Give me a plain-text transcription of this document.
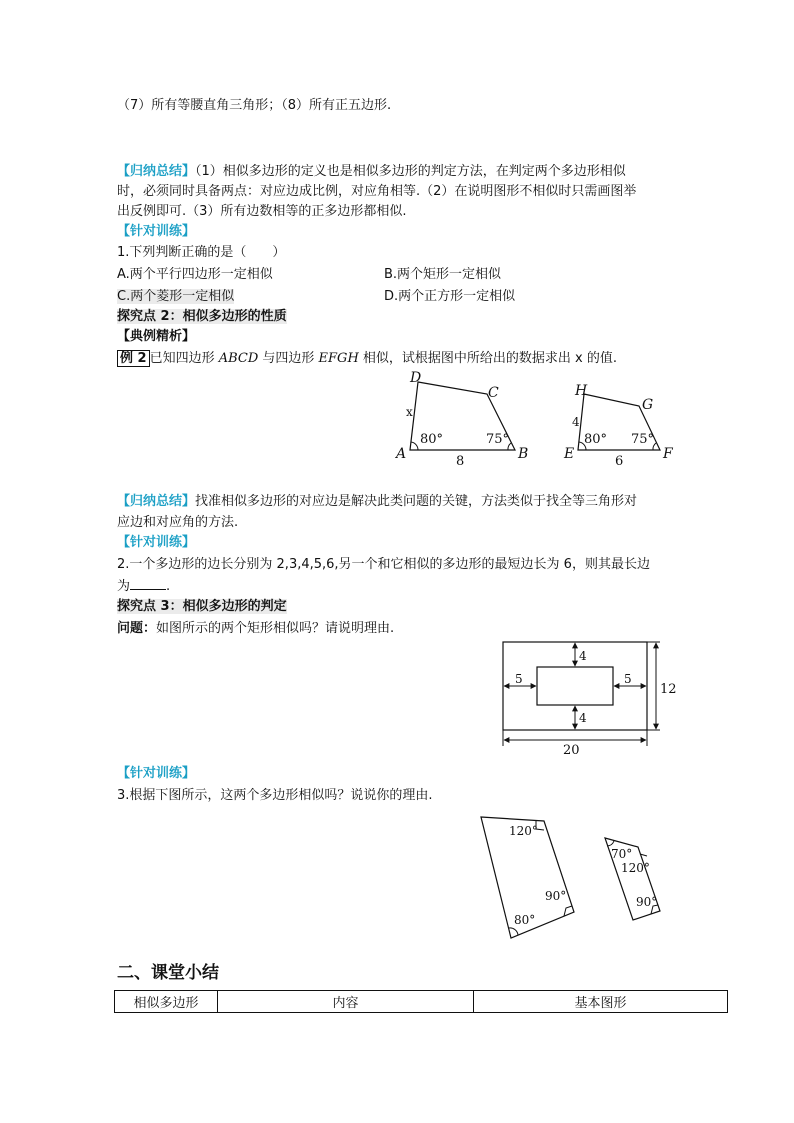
（7）所有等腰直角三角形；（8）所有正五边形.
【归纳总结】（1）相似多边形的定义也是相似多边形的判定方法，在判定两个多边形相似
时，必须同时具备两点：对应边成比例，对应角相等.（2）在说明图形不相似时只需画图举
出反例即可.（3）所有边数相等的正多边形都相似.
【针对训练】
1.下列判断正确的是（　　）
A.两个平行四边形一定相似	B.两个矩形一定相似
C.两个菱形一定相似	D.两个正方形一定相似
探究点 2：相似多边形的性质
【典例精析】
例 2 已知四边形 ABCD 与四边形 EFGH 相似，试根据图中所给出的数据求出 x 的值.
A	B
C
D
x
80°	75°
8	E	F
G
H
4
80° 75°
6
【归纳总结】找准相似多边形的对应边是解决此类问题的关键，方法类似于找全等三角形对
应边和对应角的方法.
【针对训练】
2.一个多边形的边长分别为 2,3,4,5,6,另一个和它相似的多边形的最短边长为 6，则其最长边
为	.
探究点 3：相似多边形的判定
问题：如图所示的两个矩形相似吗？请说明理由.
4
4
5	5
12
20
【针对训练】
3.根据下图所示，这两个多边形相似吗？说说你的理由.
120°
90°
80°
70°
120°
90°
二、课堂小结
相似多边形	内容	基本图形
